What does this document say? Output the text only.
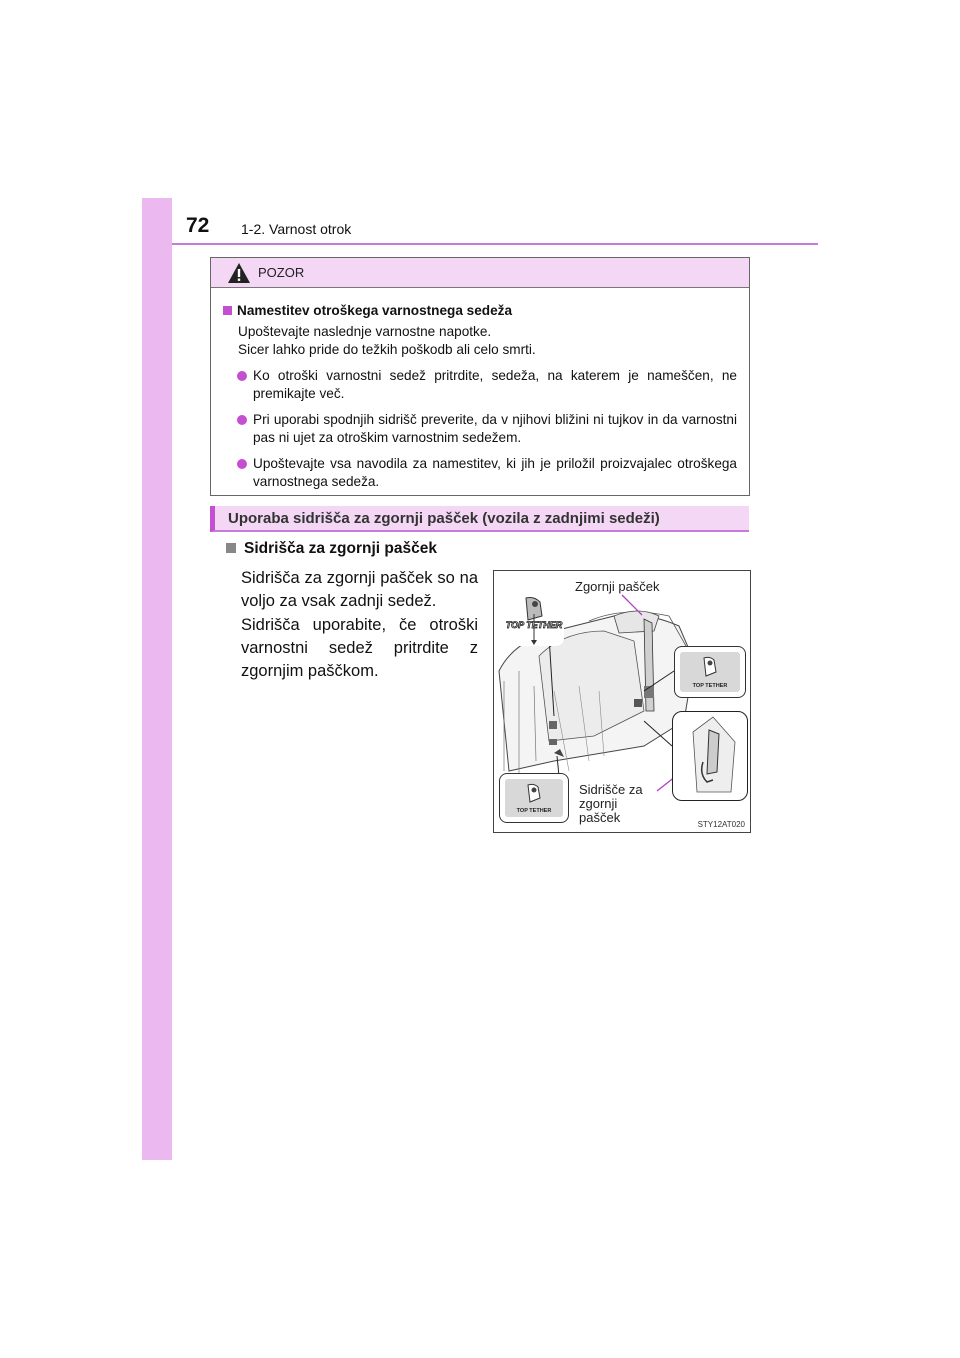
72 1-2. Varnost otrok
POZOR
Namestitev otroškega varnostnega sedeža
Upoštevajte naslednje varnostne napotke.
Sicer lahko pride do težkih poškodb ali celo smrti.
Ko otroški varnostni sedež pritrdite, sedeža, na katerem je nameščen, ne premikajte več.
Pri uporabi spodnjih sidrišč preverite, da v njihovi bližini ni tujkov in da varnostni pas ni ujet za otroškim varnostnim sedežem.
Upoštevajte vsa navodila za namestitev, ki jih je priložil proizvajalec otroškega varnostnega sedeža.
Uporaba sidrišča za zgornji pašček (vozila z zadnjimi sedeži)
Sidrišča za zgornji pašček
Sidrišča za zgornji pašček so na voljo za vsak zadnji sedež.
Sidrišča uporabite, če otroški varnostni sedež pritrdite z zgornjim paščkom.
TOP TETHER
TOP TETHER
TOP TETHER
Zgornji pašček
Sidrišče za
zgornji
pašček	STY12AT020
